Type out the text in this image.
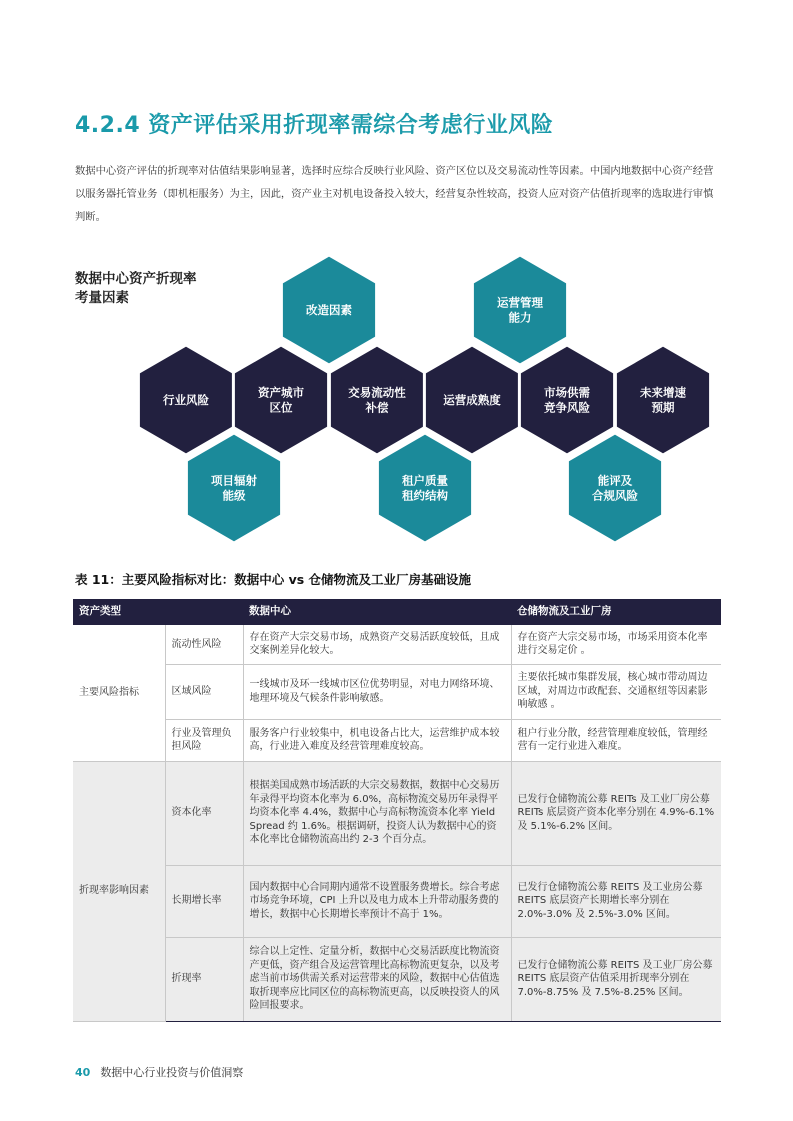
4.2.4 资产评估采用折现率需综合考虑行业风险
数据中心资产评估的折现率对估值结果影响显著，选择时应综合反映行业风险、资产区位以及交易流动性等因素。中国内地数据中心资产经营以服务器托管业务（即机柜服务）为主，因此，资产业主对机电设备投入较大，经营复杂性较高，投资人应对资产估值折现率的选取进行审慎判断。
数据中心资产折现率
考量因素
行业风险
资产城市
区位
交易流动性
补偿
运营成熟度
市场供需
竞争风险
未来增速
预期
改造因素
运营管理
能力
项目辐射
能级
租户质量
租约结构
能评及
合规风险
表 11：主要风险指标对比：数据中心 vs 仓储物流及工业厂房基础设施
资产类型		数据中心	仓储物流及工业厂房
主要风险指标	流动性风险	存在资产大宗交易市场，成熟资产交易活跃度较低，且成交案例差异化较大。	存在资产大宗交易市场，市场采用资本化率进行交易定价 。
	区域风险	一线城市及环一线城市区位优势明显，对电力网络环境、地理环境及气候条件影响敏感。	主要依托城市集群发展，核心城市带动周边区域，对周边市政配套、交通枢纽等因素影响敏感 。
	行业及管理负担风险	服务客户行业较集中，机电设备占比大，运营维护成本较高，行业进入难度及经营管理难度较高。	租户行业分散，经营管理难度较低，管理经营有一定行业进入难度。
折现率影响因素	资本化率	根据美国成熟市场活跃的大宗交易数据，数据中心交易历年录得平均资本化率为 6.0%，高标物流交易历年录得平均资本化率 4.4%，数据中心与高标物流资本化率 Yield Spread 约 1.6%。根据调研，投资人认为数据中心的资本化率比仓储物流高出约 2-3 个百分点。	已发行仓储物流公募 REITs 及工业厂房公募 REITs 底层资产资本化率分别在 4.9%-6.1% 及 5.1%-6.2% 区间。
	长期增长率	国内数据中心合同期内通常不设置服务费增长。综合考虑市场竞争环境，CPI 上升以及电力成本上升带动服务费的增长，数据中心长期增长率预计不高于 1%。	已发行仓储物流公募 REITS 及工业房公募 REITS 底层资产长期增长率分别在 2.0%-3.0% 及 2.5%-3.0% 区间。
	折现率	综合以上定性、定量分析，数据中心交易活跃度比物流资产更低，资产组合及运营管理比高标物流更复杂，以及考虑当前市场供需关系对运营带来的风险，数据中心估值选取折现率应比同区位的高标物流更高，以反映投资人的风险回报要求。	已发行仓储物流公募 REITS 及工业厂房公募 REITS 底层资产估值采用折现率分别在 7.0%-8.75% 及 7.5%-8.25% 区间。
40 数据中心行业投资与价值洞察
